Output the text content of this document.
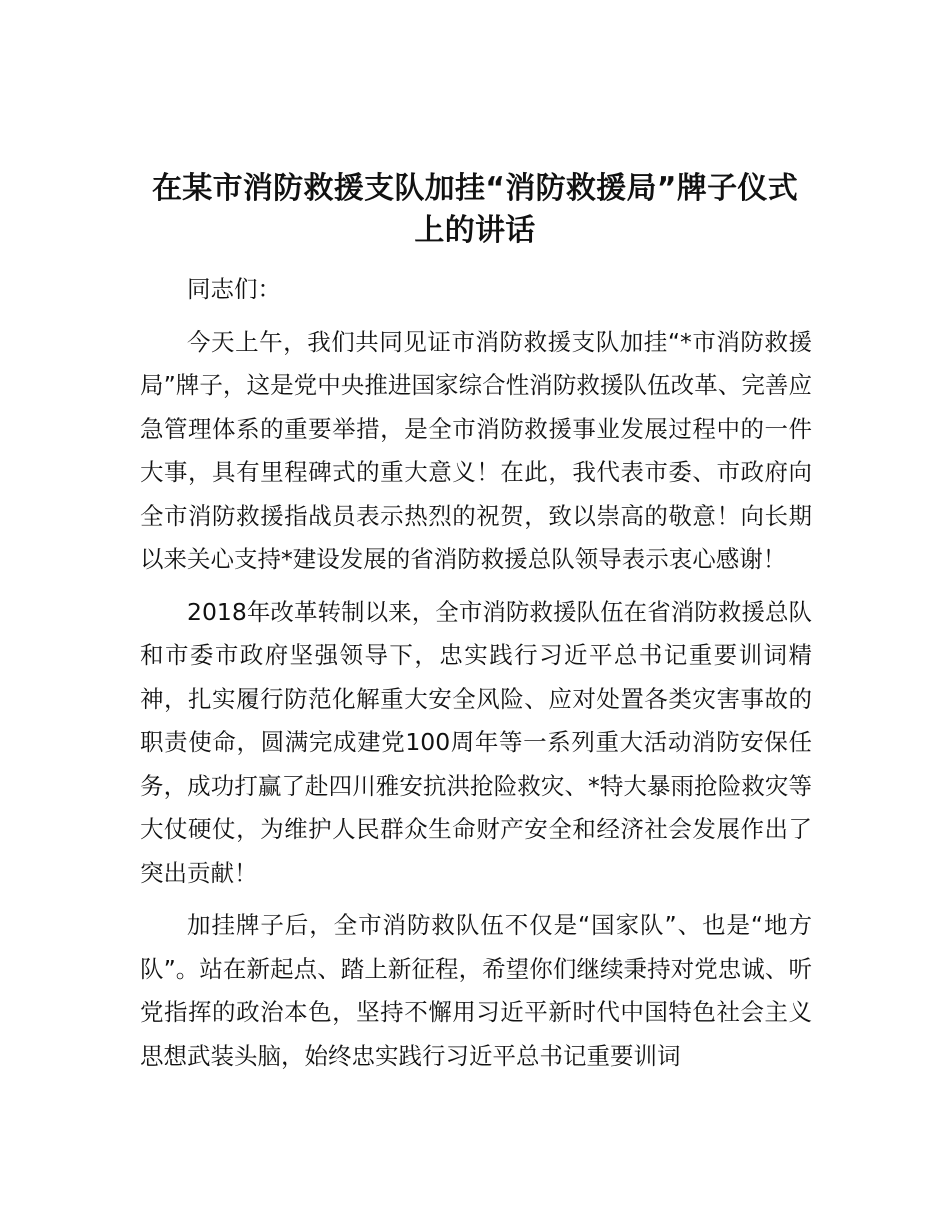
在某市消防救援支队加挂“消防救援局”牌子仪式上的讲话

同志们：

今天上午，我们共同见证市消防救援支队加挂“*市消防救援局”牌子，这是党中央推进国家综合性消防救援队伍改革、完善应急管理体系的重要举措，是全市消防救援事业发展过程中的一件大事，具有里程碑式的重大意义！在此，我代表市委、市政府向全市消防救援指战员表示热烈的祝贺，致以崇高的敬意！向长期以来关心支持*建设发展的省消防救援总队领导表示衷心感谢！

2018年改革转制以来，全市消防救援队伍在省消防救援总队和市委市政府坚强领导下，忠实践行习近平总书记重要训词精神，扎实履行防范化解重大安全风险、应对处置各类灾害事故的职责使命，圆满完成建党100周年等一系列重大活动消防安保任务，成功打赢了赴四川雅安抗洪抢险救灾、*特大暴雨抢险救灾等大仗硬仗，为维护人民群众生命财产安全和经济社会发展作出了突出贡献！

加挂牌子后，全市消防救队伍不仅是“国家队”、也是“地方队”。站在新起点、踏上新征程，希望你们继续秉持对党忠诚、听党指挥的政治本色，坚持不懈用习近平新时代中国特色社会主义思想武装头脑，始终忠实践行习近平总书记重要训词
